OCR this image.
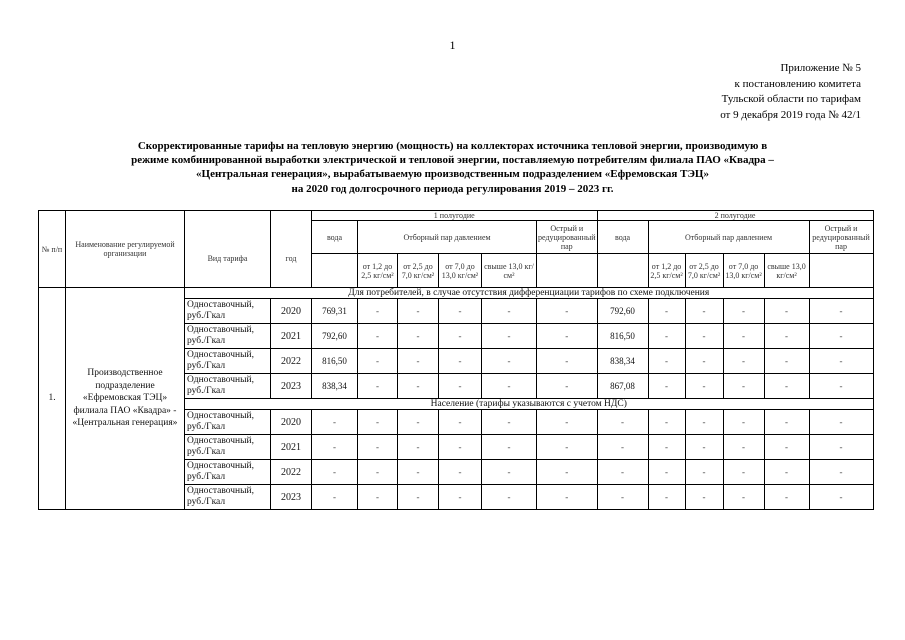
1
Приложение № 5
к постановлению комитета
Тульской области по тарифам
от 9 декабря 2019 года № 42/1
Скорректированные тарифы на тепловую энергию (мощность) на коллекторах источника тепловой энергии, производимую в
режиме комбинированной выработки электрической и тепловой энергии, поставляемую потребителям филиала ПАО «Квадра –
«Центральная генерация», вырабатываемую производственным подразделением «Ефремовская ТЭЦ»
на 2020 год долгосрочного периода регулирования 2019 – 2023 гг.
№ п/п	Наименование регулируемой организации	Вид тарифа	год	1 полугодие						2 полугодие					
				вода	Отборный пар давлением				Острый и редуцированный пар	вода	Отборный пар давлением				Острый и редуцированный пар
					от 1,2 до 2,5 кг/см²	от 2,5 до 7,0 кг/см²	от 7,0 до 13,0 кг/см²	свыше 13,0 кг/см²			от 1,2 до 2,5 кг/см²	от 2,5 до 7,0 кг/см²	от 7,0 до 13,0 кг/см²	свыше 13,0 кг/см²	
1.	Производственное подразделение «Ефремовская ТЭЦ» филиала ПАО «Квадра» - «Центральная генерация»	Для потребителей, в случае отсутствия дифференциации тарифов по схеме подключения													
		Одноставочный, руб./Гкал	2020	769,31	-	-	-	-	-	792,60	-	-	-	-	-
		Одноставочный, руб./Гкал	2021	792,60	-	-	-	-	-	816,50	-	-	-	-	-
		Одноставочный, руб./Гкал	2022	816,50	-	-	-	-	-	838,34	-	-	-	-	-
		Одноставочный, руб./Гкал	2023	838,34	-	-	-	-	-	867,08	-	-	-	-	-
		Население (тарифы указываются с учетом НДС)													
		Одноставочный, руб./Гкал	2020	-	-	-	-	-	-	-	-	-	-	-	-
		Одноставочный, руб./Гкал	2021	-	-	-	-	-	-	-	-	-	-	-	-
		Одноставочный, руб./Гкал	2022	-	-	-	-	-	-	-	-	-	-	-	-
		Одноставочный, руб./Гкал	2023	-	-	-	-	-	-	-	-	-	-	-	-
